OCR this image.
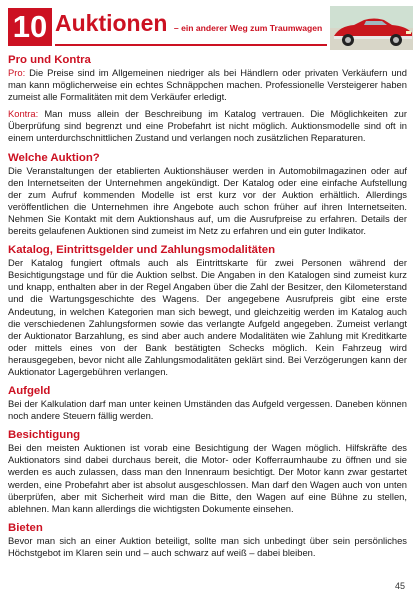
10 Auktionen – ein anderer Weg zum Traumwagen
Pro und Kontra

Pro: Die Preise sind im Allgemeinen niedriger als bei Händlern oder privaten Verkäufern und man kann möglicherweise ein echtes Schnäppchen machen. Professionelle Versteigerer haben zumeist alle Formalitäten mit dem Verkäufer erledigt.

Kontra: Man muss allein der Beschreibung im Katalog vertrauen. Die Möglichkeiten zur Überprüfung sind begrenzt und eine Probefahrt ist nicht möglich. Auktionsmodelle sind oft in einem unterdurchschnittlichen Zustand und verlangen noch zusätzlichen Reparaturen.

Welche Auktion?

Die Veranstaltungen der etablierten Auktionshäuser werden in Automobilmagazinen oder auf den Internetseiten der Unternehmen angekündigt. Der Katalog oder eine einfache Aufstellung der zum Aufruf kommenden Modelle ist erst kurz vor der Auktion erhältlich. Allerdings veröffentlichen die Unternehmen ihre Angebote auch schon früher auf ihren Internetseiten. Nehmen Sie Kontakt mit dem Auktionshaus auf, um die Ausrufpreise zu erfahren. Details der bereits gelaufenen Auktionen sind zumeist im Netz zu erfahren und ein guter Indikator.

Katalog, Eintrittsgelder und Zahlungsmodalitäten

Der Katalog fungiert oftmals auch als Eintrittskarte für zwei Personen während der Besichtigungstage und für die Auktion selbst. Die Angaben in den Katalogen sind zumeist kurz und knapp, enthalten aber in der Regel Angaben über die Zahl der Besitzer, den Kilometerstand und die Wartungsgeschichte des Wagens. Der angegebene Ausrufpreis gibt eine erste Andeutung, in welchen Kategorien man sich bewegt, und gleichzeitig werden im Katalog auch die verschiedenen Zahlungsformen sowie das verlangte Aufgeld angegeben. Zumeist verlangt der Auktionator Barzahlung, es sind aber auch andere Modalitäten wie Zahlung mit Kreditkarte oder mittels eines von der Bank bestätigten Schecks möglich. Kein Fahrzeug wird herausgegeben, bevor nicht alle Zahlungsmodalitäten geklärt sind. Bei Verzögerungen kann der Auktionator Lagergebühren verlangen.

Aufgeld

Bei der Kalkulation darf man unter keinen Umständen das Aufgeld vergessen. Daneben können noch andere Steuern fällig werden.

Besichtigung

Bei den meisten Auktionen ist vorab eine Besichtigung der Wagen möglich. Hilfskräfte des Auktionators sind dabei durchaus bereit, die Motor- oder Kofferraumhaube zu öffnen und sie werden es auch zulassen, dass man den Innenraum besichtigt. Der Motor kann zwar gestartet werden, eine Probefahrt aber ist absolut ausgeschlossen. Man darf den Wagen auch von unten überprüfen, aber mit Sicherheit wird man die Bitte, den Wagen auf eine Bühne zu stellen, ablehnen. Man kann allerdings die wichtigsten Dokumente einsehen.

Bieten

Bevor man sich an einer Auktion beteiligt, sollte man sich unbedingt über sein persönliches Höchstgebot im Klaren sein und – auch schwarz auf weiß – dabei bleiben.

45
